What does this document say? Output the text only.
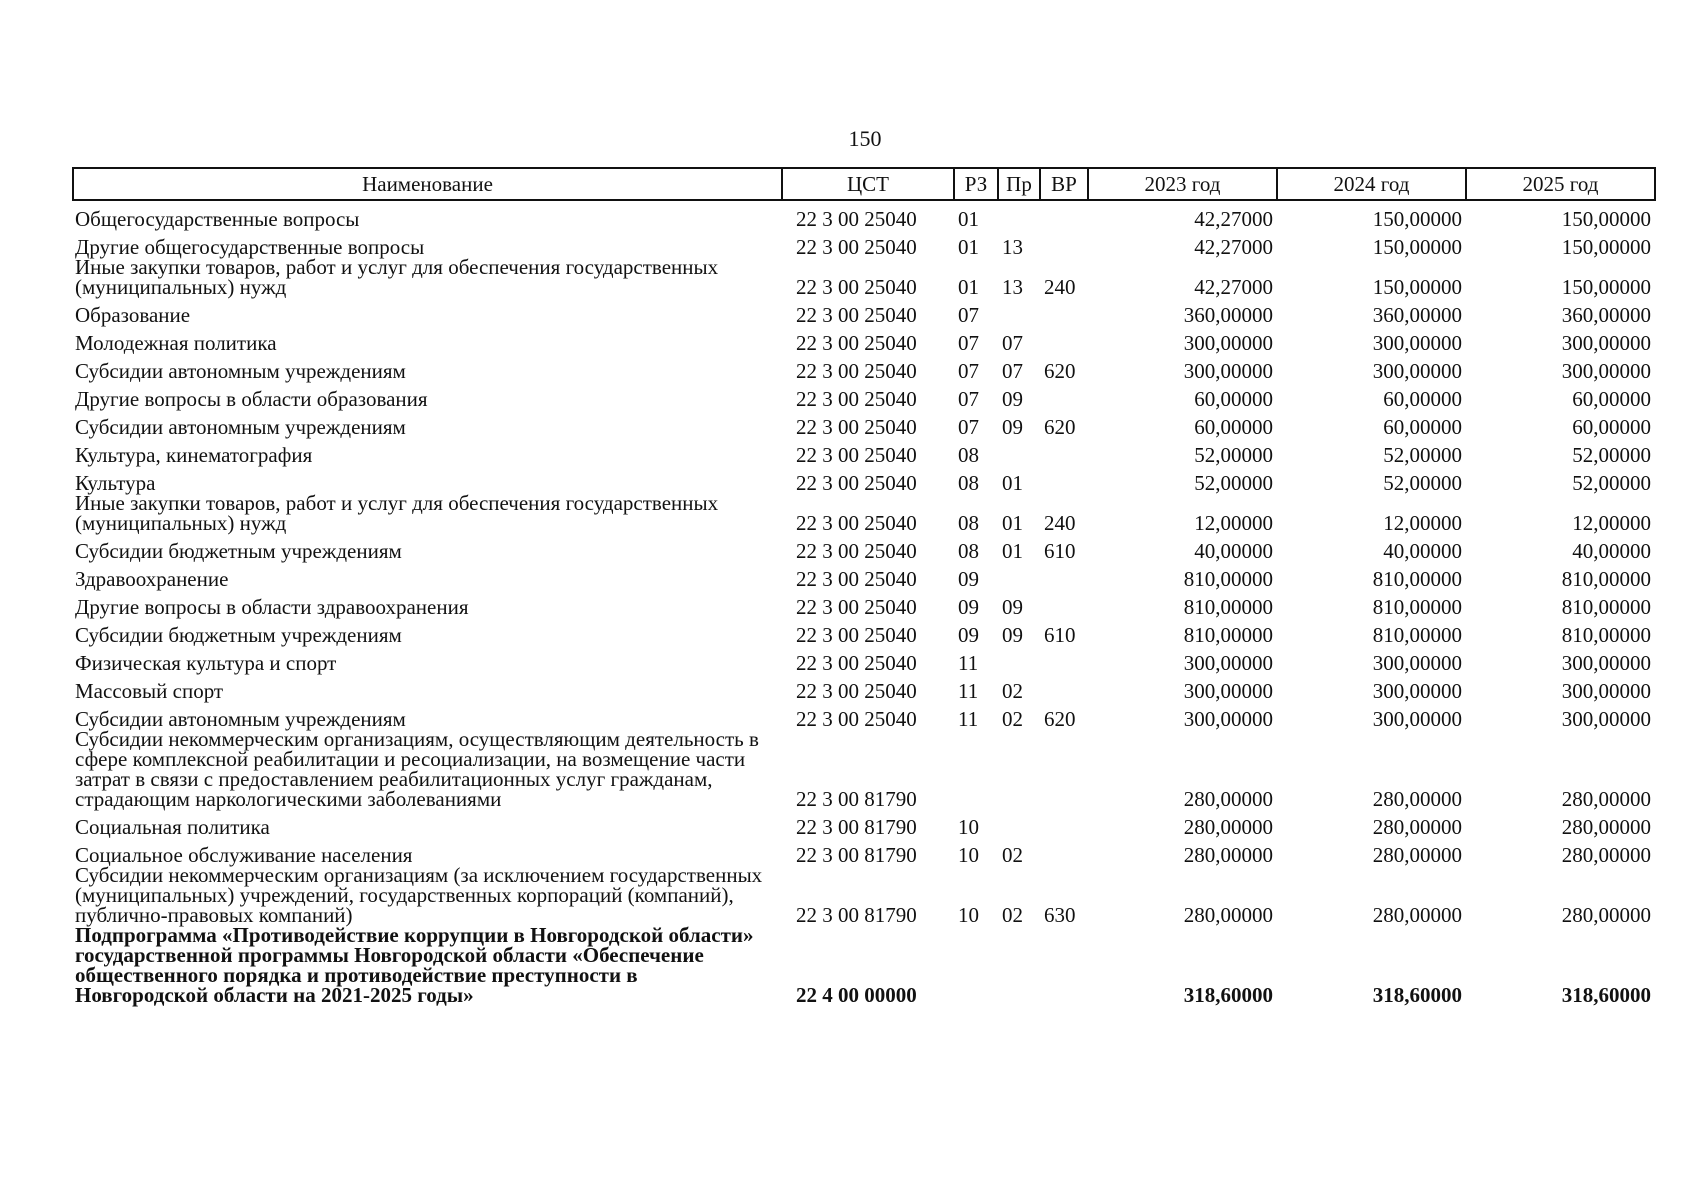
150
Наименование	ЦСТ	РЗ	Пр	ВР	2023 год	2024 год	2025 год
Общегосударственные вопросы	22 3 00 25040	01			42,27000	150,00000	150,00000
Другие общегосударственные вопросы	22 3 00 25040	01	13		42,27000	150,00000	150,00000
Иные закупки товаров, работ и услуг для обеспечения государственных (муниципальных) нужд	22 3 00 25040	01	13	240	42,27000	150,00000	150,00000
Образование	22 3 00 25040	07			360,00000	360,00000	360,00000
Молодежная политика	22 3 00 25040	07	07		300,00000	300,00000	300,00000
Субсидии автономным учреждениям	22 3 00 25040	07	07	620	300,00000	300,00000	300,00000
Другие вопросы в области образования	22 3 00 25040	07	09		60,00000	60,00000	60,00000
Субсидии автономным учреждениям	22 3 00 25040	07	09	620	60,00000	60,00000	60,00000
Культура, кинематография	22 3 00 25040	08			52,00000	52,00000	52,00000
Культура	22 3 00 25040	08	01		52,00000	52,00000	52,00000
Иные закупки товаров, работ и услуг для обеспечения государственных (муниципальных) нужд	22 3 00 25040	08	01	240	12,00000	12,00000	12,00000
Субсидии бюджетным учреждениям	22 3 00 25040	08	01	610	40,00000	40,00000	40,00000
Здравоохранение	22 3 00 25040	09			810,00000	810,00000	810,00000
Другие вопросы в области здравоохранения	22 3 00 25040	09	09		810,00000	810,00000	810,00000
Субсидии бюджетным учреждениям	22 3 00 25040	09	09	610	810,00000	810,00000	810,00000
Физическая культура и спорт	22 3 00 25040	11			300,00000	300,00000	300,00000
Массовый спорт	22 3 00 25040	11	02		300,00000	300,00000	300,00000
Субсидии автономным учреждениям	22 3 00 25040	11	02	620	300,00000	300,00000	300,00000
Субсидии некоммерческим организациям, осуществляющим деятельность в сфере комплексной реабилитации и ресоциализации, на возмещение части затрат в связи с предоставлением реабилитационных услуг гражданам, страдающим наркологическими заболеваниями	22 3 00 81790				280,00000	280,00000	280,00000
Социальная политика	22 3 00 81790	10			280,00000	280,00000	280,00000
Социальное обслуживание населения	22 3 00 81790	10	02		280,00000	280,00000	280,00000
Субсидии некоммерческим организациям (за исключением государственных (муниципальных) учреждений, государственных корпораций (компаний), публично-правовых компаний)	22 3 00 81790	10	02	630	280,00000	280,00000	280,00000
Подпрограмма «Противодействие коррупции в Новгородской области» государственной программы Новгородской области «Обеспечение общественного порядка и противодействие преступности в Новгородской области на 2021-2025 годы»	22 4 00 00000				318,60000	318,60000	318,60000
